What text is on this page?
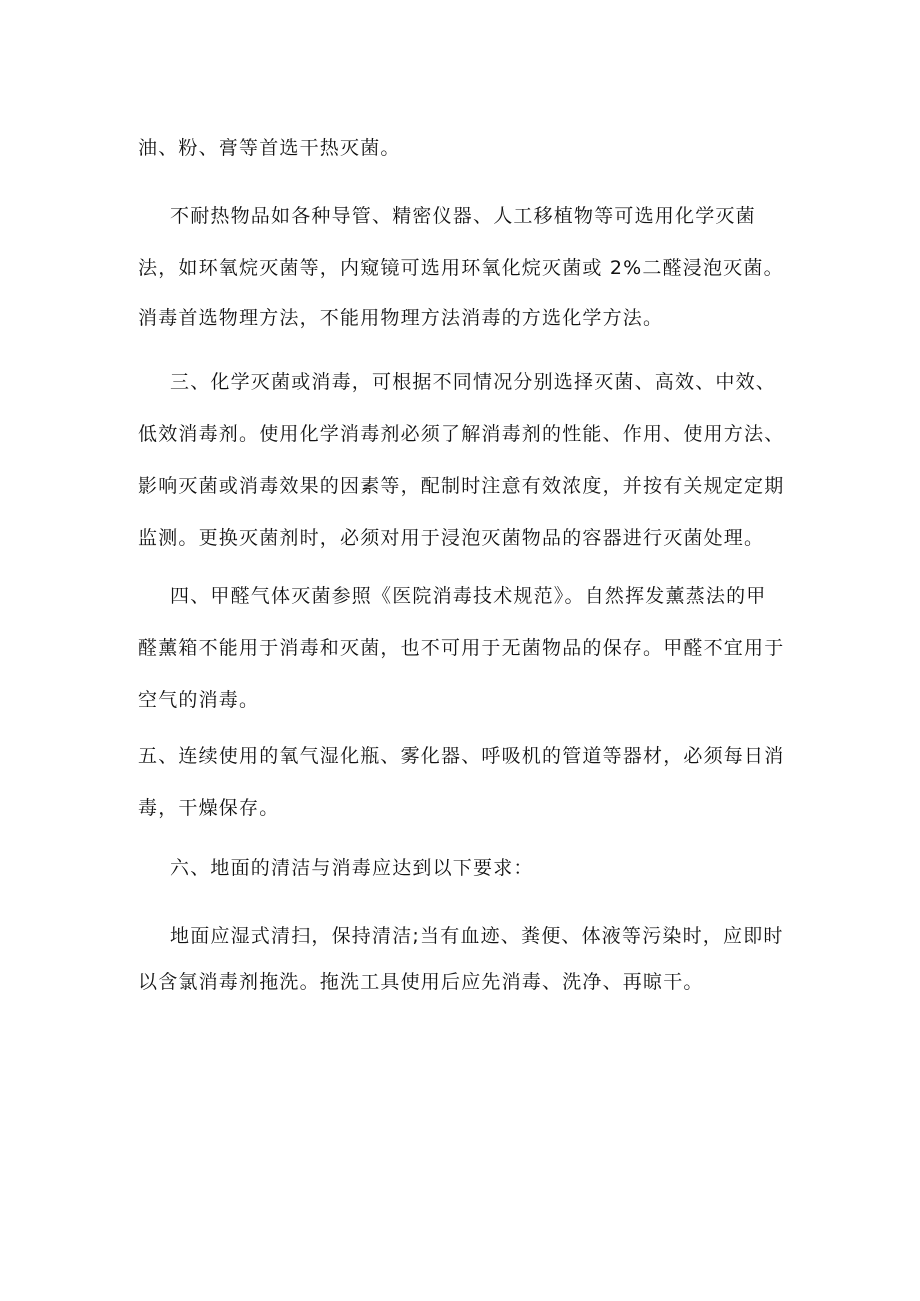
油、粉、膏等首选干热灭菌。
不耐热物品如各种导管、精密仪器、人工移植物等可选用化学灭菌
法，如环氧烷灭菌等，内窥镜可选用环氧化烷灭菌或 2%二醛浸泡灭菌。
消毒首选物理方法，不能用物理方法消毒的方选化学方法。
三、化学灭菌或消毒，可根据不同情况分别选择灭菌、高效、中效、
低效消毒剂。使用化学消毒剂必须了解消毒剂的性能、作用、使用方法、
影响灭菌或消毒效果的因素等，配制时注意有效浓度，并按有关规定定期
监测。更换灭菌剂时，必须对用于浸泡灭菌物品的容器进行灭菌处理。
四、甲醛气体灭菌参照《医院消毒技术规范》。自然挥发薰蒸法的甲
醛薰箱不能用于消毒和灭菌，也不可用于无菌物品的保存。甲醛不宜用于
空气的消毒。
五、连续使用的氧气湿化瓶、雾化器、呼吸机的管道等器材，必须每日消
毒，干燥保存。
六、地面的清洁与消毒应达到以下要求：
地面应湿式清扫，保持清洁;当有血迹、粪便、体液等污染时，应即时
以含氯消毒剂拖洗。拖洗工具使用后应先消毒、洗净、再晾干。
